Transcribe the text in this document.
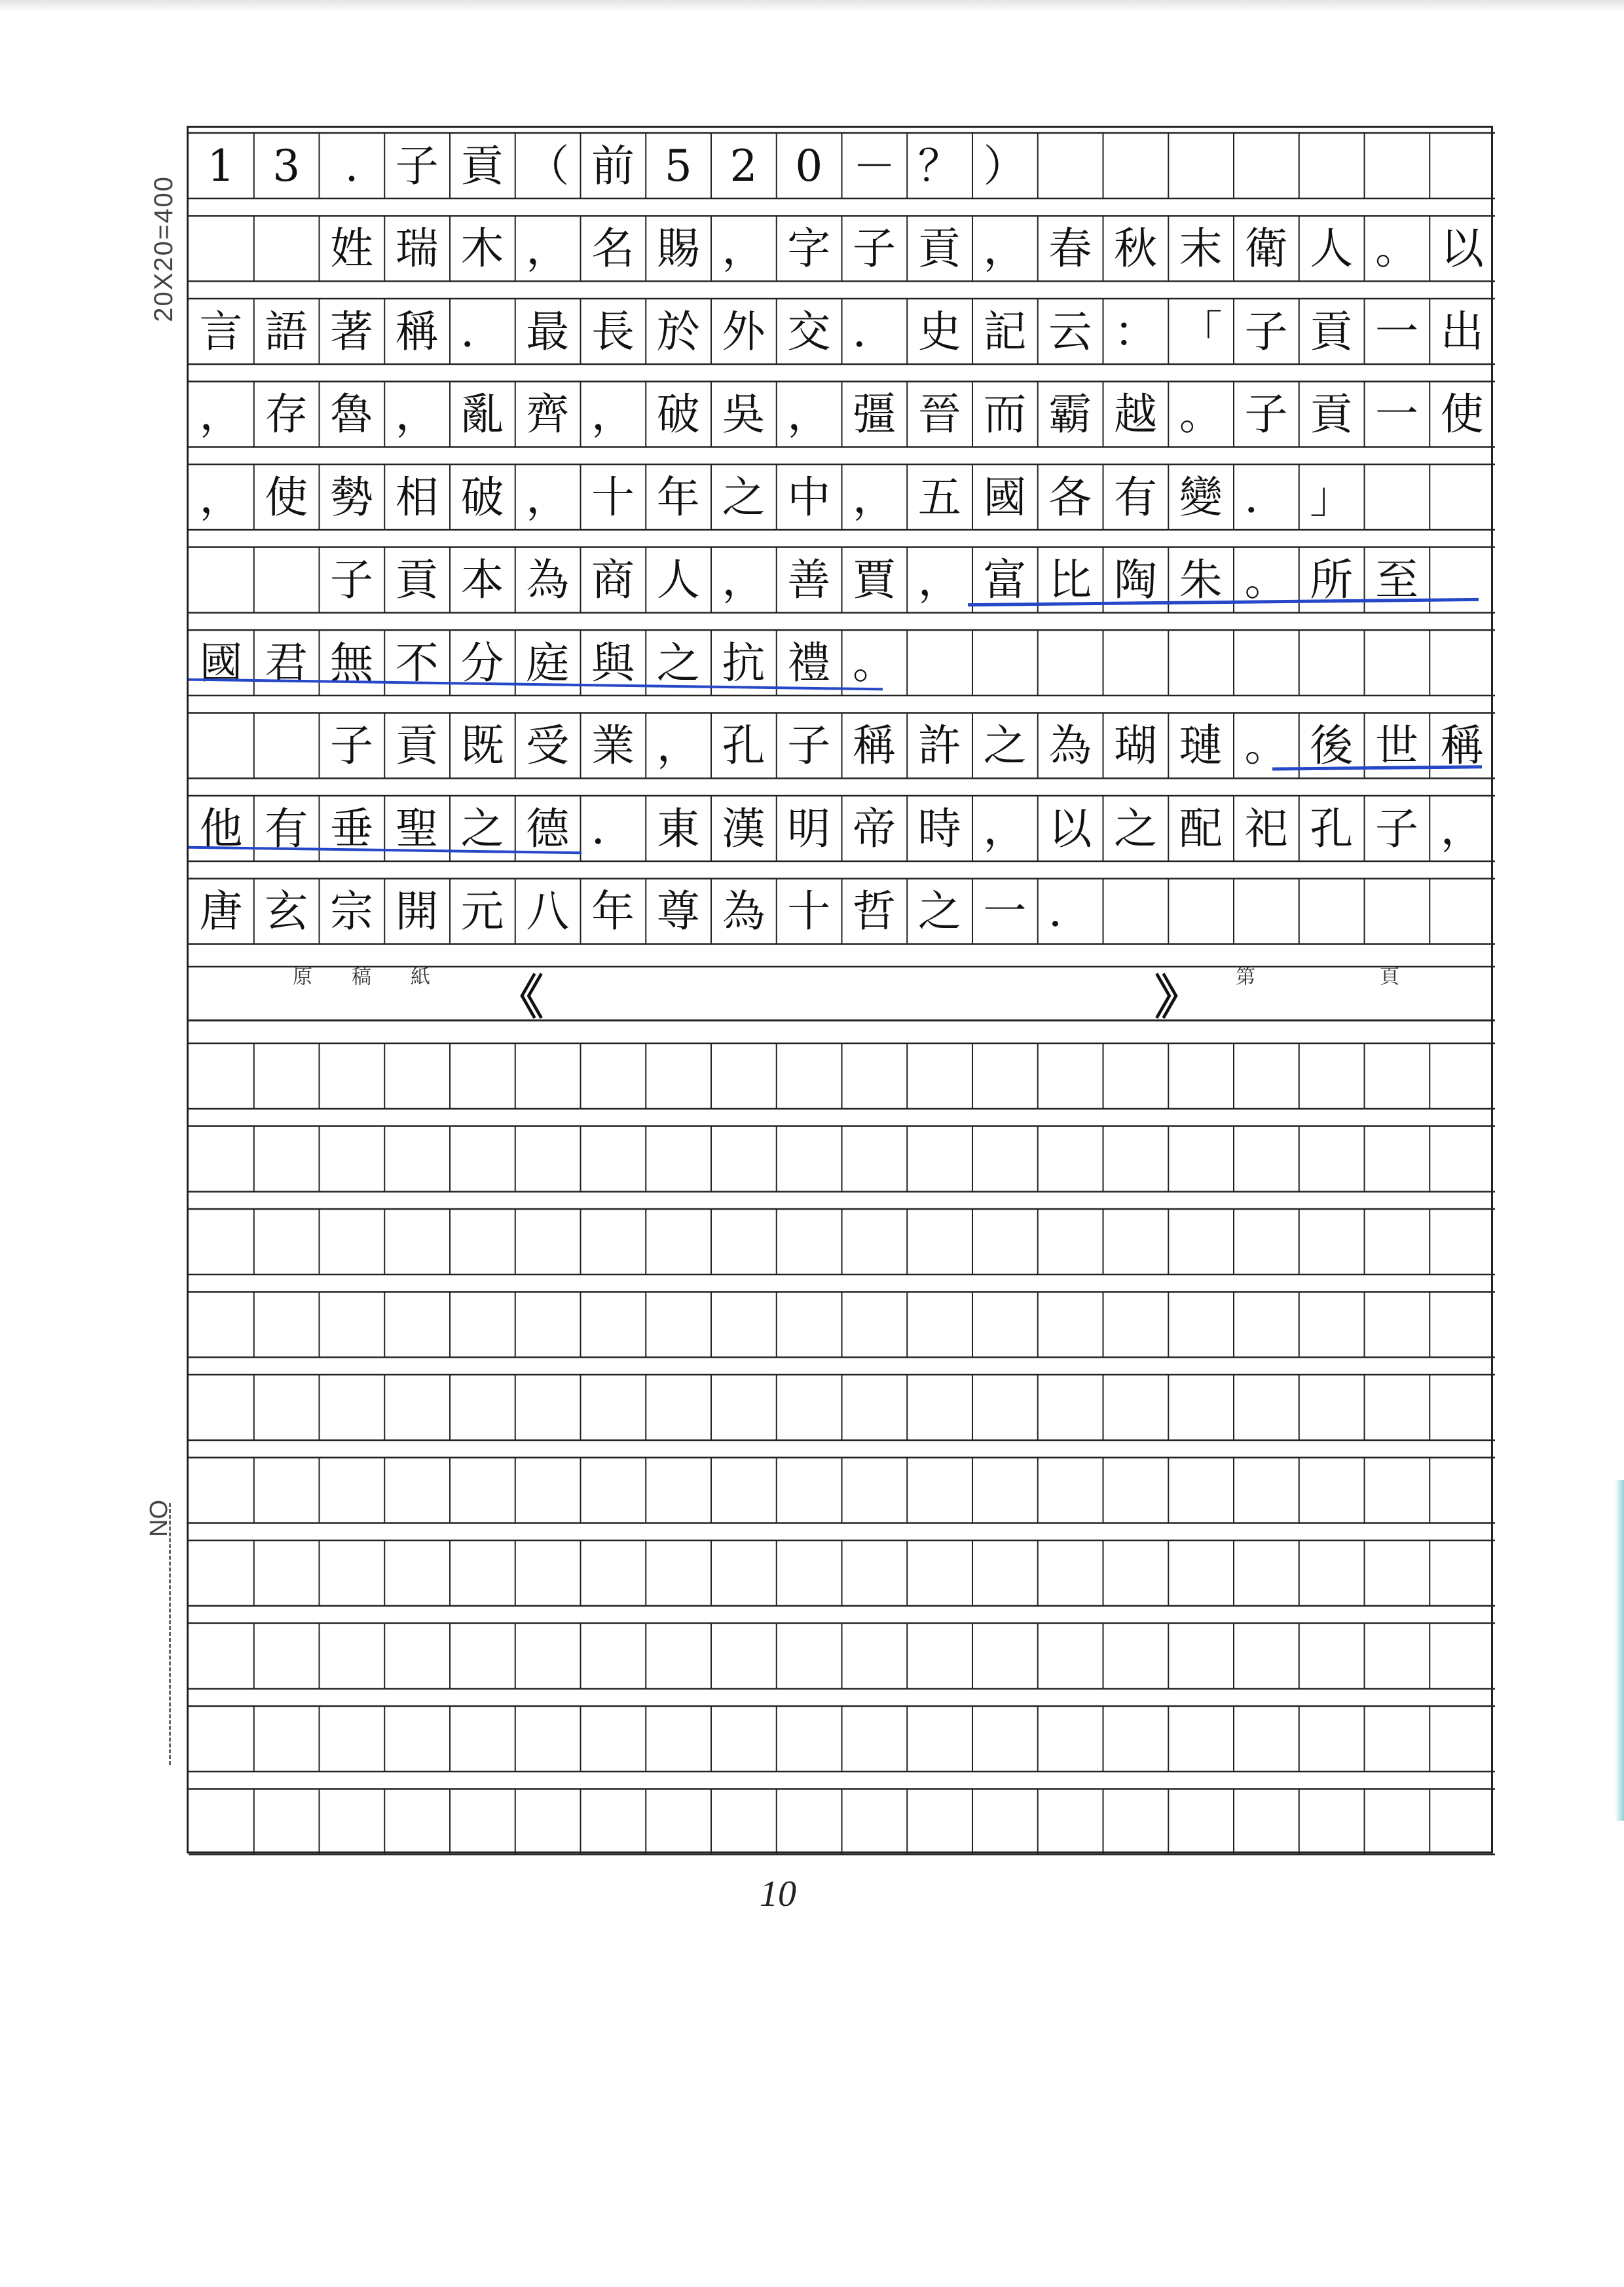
20X20=400
NO
1 3	. 子 貢 （ 前 5 2 0 － ？ ）
姓 瑞 木 ， 名 賜 ， 字 子 貢 ， 春 秋 末 衛 人 。 以
言 語 著 稱 ． 最 長 於 外 交 ． 史 記 云 ： 「 子 貢 一 出
， 存 魯 ， 亂 齊 ， 破 吳 ， 彊 晉 而 霸 越 。 子 貢 一 使
， 使 勢 相 破 ， 十 年 之 中 ， 五 國 各 有 變 ． 」
子 貢 本 為 商 人 ， 善 賈 ， 富 比 陶 朱 。 所 至
國 君 無 不 分 庭 與 之 抗 禮 。
子 貢 既 受 業 ， 孔 子 稱 許 之 為 瑚 璉 。 後 世 稱
他 有 垂 聖 之 德 ． 東 漢 明 帝 時 ， 以 之 配 祀 孔 子 ，
唐 玄 宗 開 元 八 年 尊 為 十 哲 之 一 ．
原 稿 紙 《	》 第	頁
10
